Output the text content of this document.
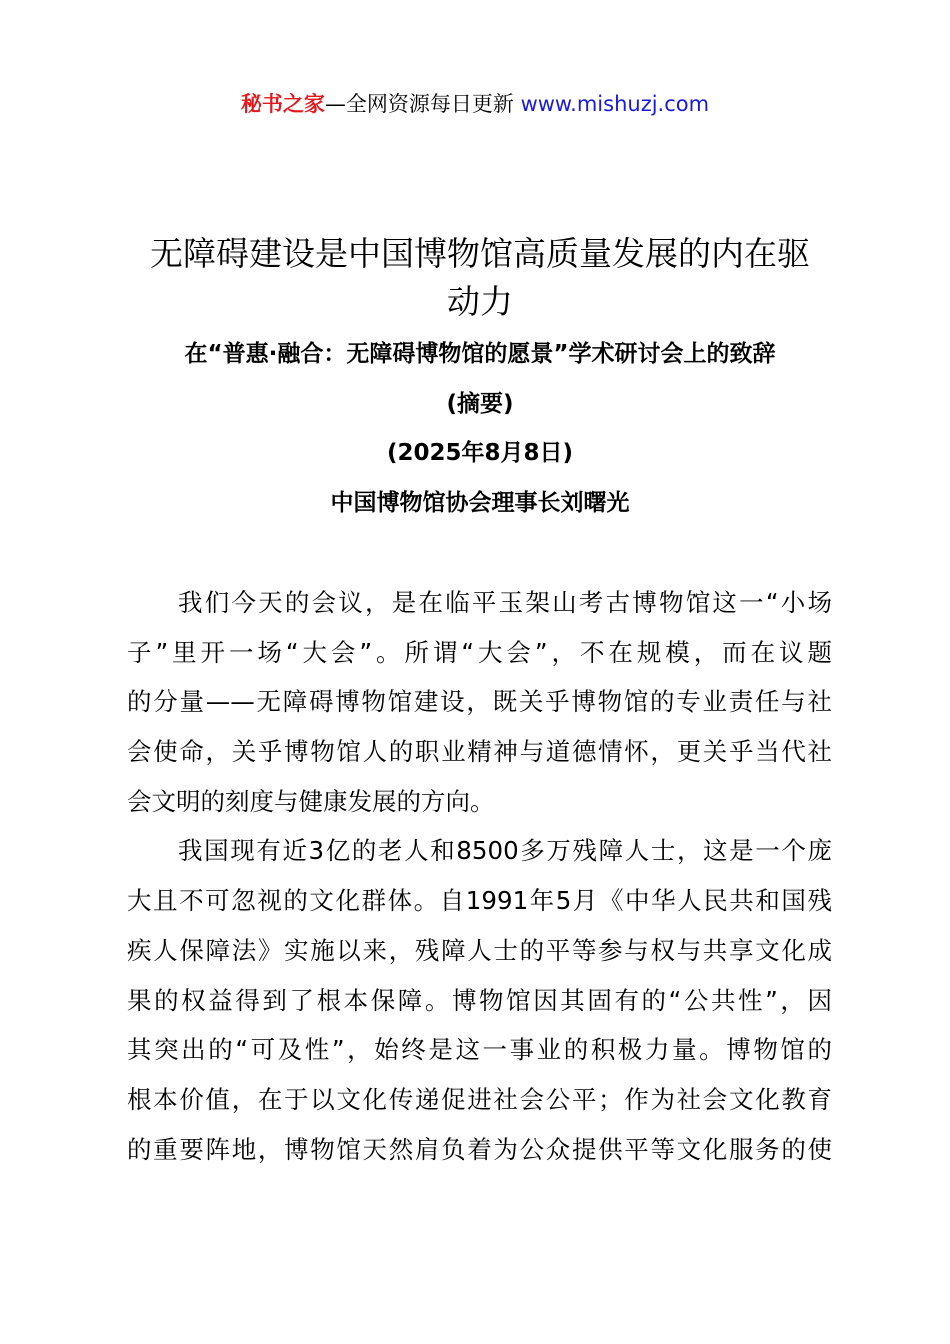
秘书之家—全网资源每日更新 www.mishuzj.com
无障碍建设是中国博物馆高质量发展的内在驱
动力
在“普惠·融合：无障碍博物馆的愿景”学术研讨会上的致辞
(摘要)
(2025年8月8日)
中国博物馆协会理事长刘曙光
我们今天的会议，是在临平玉架山考古博物馆这一“小场
子”里开一场“大会”。所谓“大会”，不在规模，而在议题
的分量——无障碍博物馆建设，既关乎博物馆的专业责任与社
会使命，关乎博物馆人的职业精神与道德情怀，更关乎当代社
会文明的刻度与健康发展的方向。
我国现有近3亿的老人和8500多万残障人士，这是一个庞
大且不可忽视的文化群体。自1991年5月《中华人民共和国残
疾人保障法》实施以来，残障人士的平等参与权与共享文化成
果的权益得到了根本保障。博物馆因其固有的“公共性”，因
其突出的“可及性”，始终是这一事业的积极力量。博物馆的
根本价值，在于以文化传递促进社会公平；作为社会文化教育
的重要阵地，博物馆天然肩负着为公众提供平等文化服务的使
